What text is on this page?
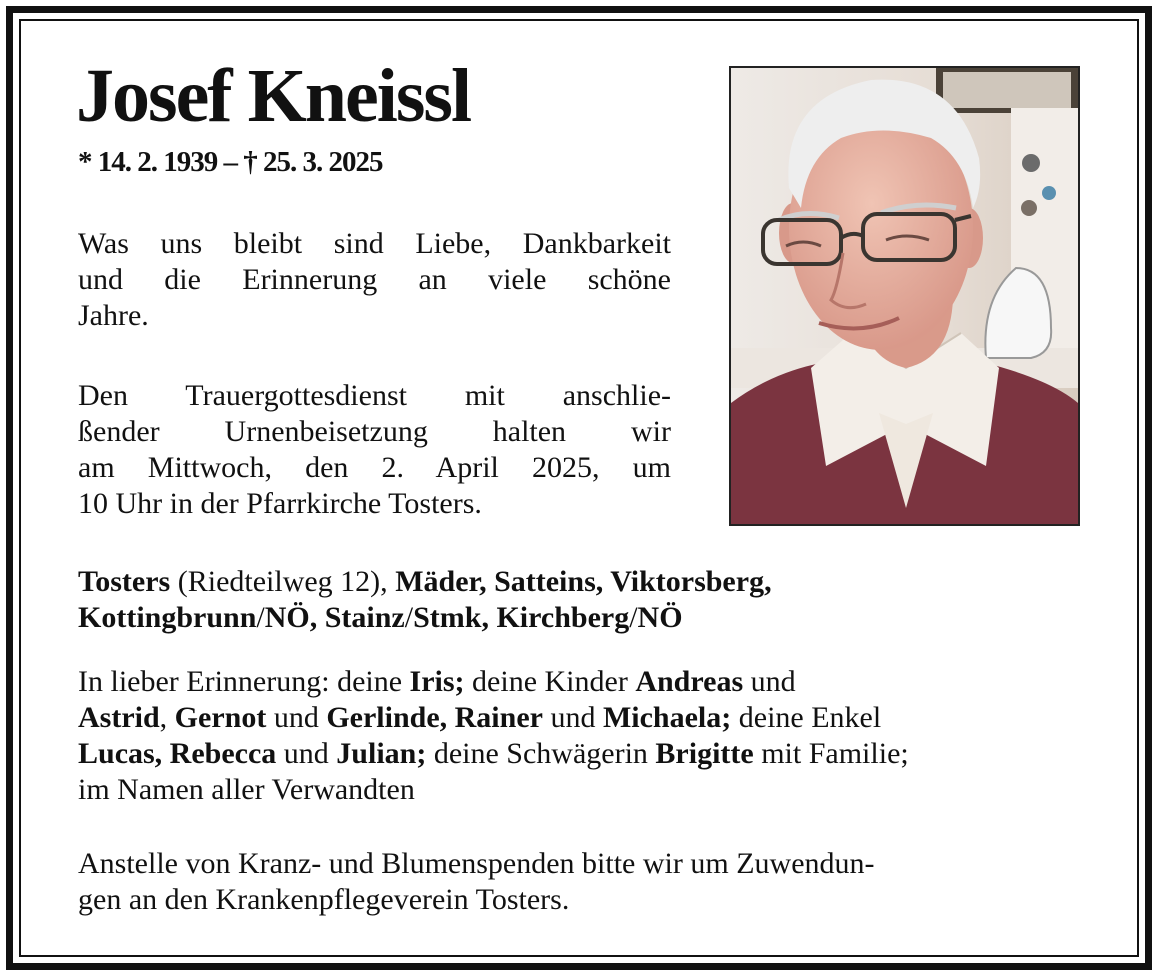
Josef Kneissl
* 14. 2. 1939 – † 25. 3. 2025

Was uns bleibt sind Liebe, Dankbarkeit
und die Erinnerung an viele schöne
Jahre.

Den Trauergottesdienst mit anschlie-
ßender Urnenbeisetzung halten wir
am Mittwoch, den 2. April 2025, um
10 Uhr in der Pfarrkirche Tosters.

Tosters (Riedteilweg 12), Mäder, Satteins, Viktorsberg,
Kottingbrunn/NÖ, Stainz/Stmk, Kirchberg/NÖ

In lieber Erinnerung: deine Iris; deine Kinder Andreas und
Astrid, Gernot und Gerlinde, Rainer und Michaela; deine Enkel
Lucas, Rebecca und Julian; deine Schwägerin Brigitte mit Familie;
im Namen aller Verwandten

Anstelle von Kranz- und Blumenspenden bitte wir um Zuwendun-
gen an den Krankenpflegeverein Tosters.
